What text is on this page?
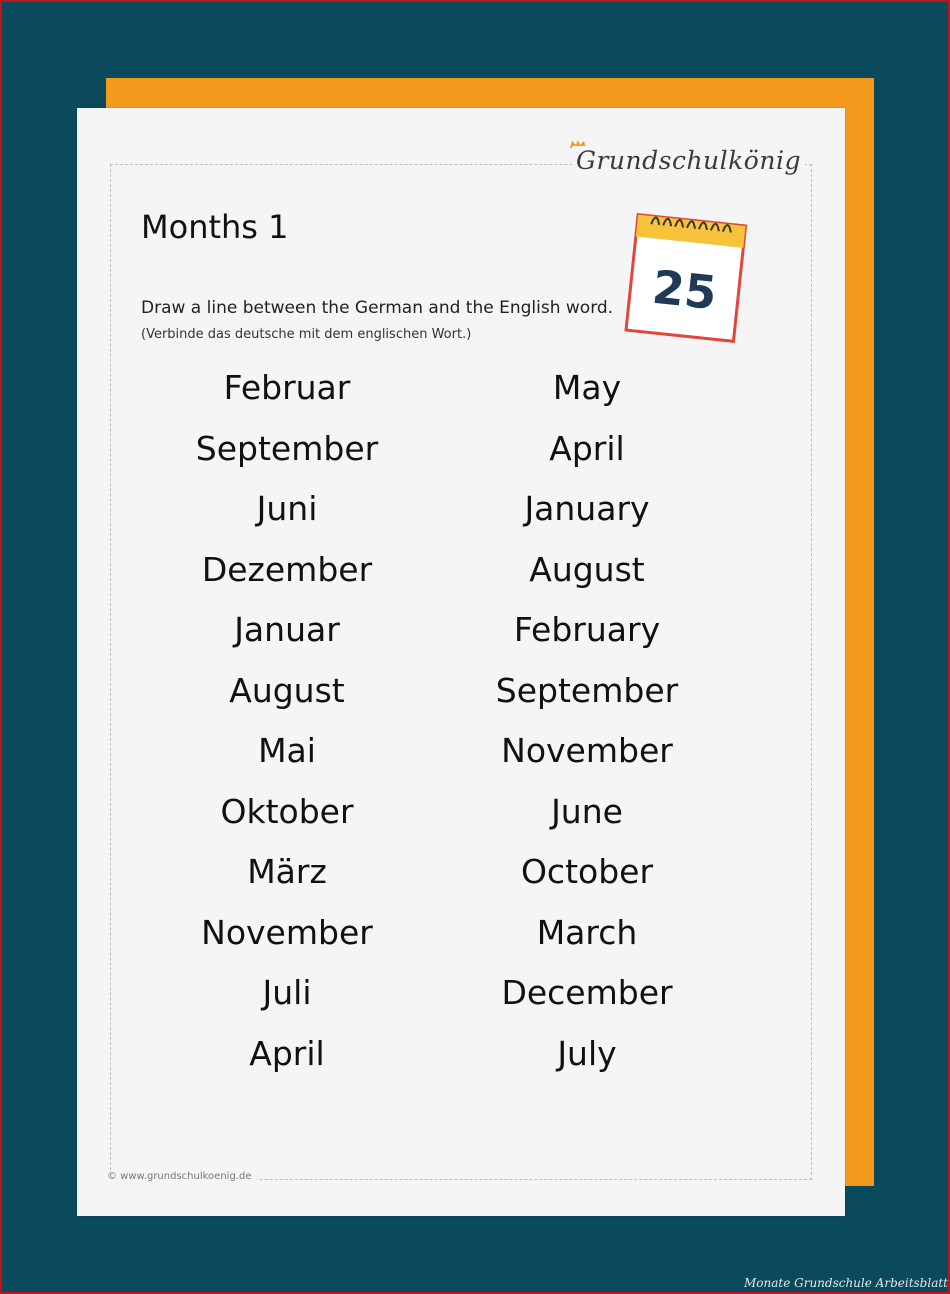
Grundschulkönig
Months 1
25
Draw a line between the German and the English word.
(Verbinde das deutsche mit dem englischen Wort.)
Februar
September
Juni
Dezember
Januar
August
Mai
Oktober
März
November
Juli
April
May
April
January
August
February
September
November
June
October
March
December
July
© www.grundschulkoenig.de
Monate Grundschule Arbeitsblatt
